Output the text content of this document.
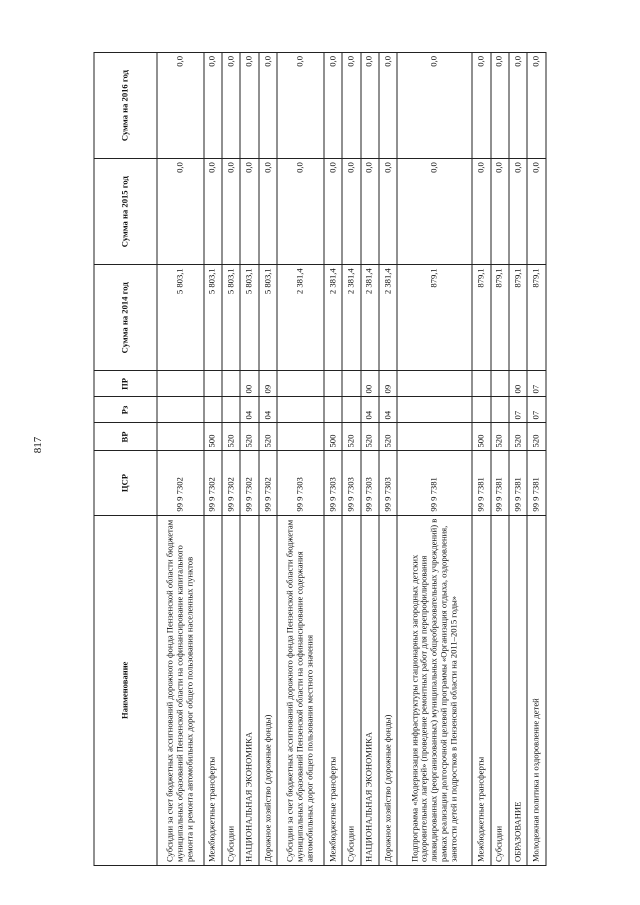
817
Наименование	ЦСР	ВР	Рз	ПР	Сумма на 2014 год	Сумма на 2015 год	Сумма на 2016 год
Субсидии за счет бюджетных ассигнований дорожного фонда Пензенской области бюджетам муниципальных образований Пензенской области на софинансирование капитального ремонта и ремонта автомобильных дорог общего пользования населенных пунктов	99 9 7302				5 803,1	0,0	0,0
Межбюджетные трансферты	99 9 7302	500			5 803,1	0,0	0,0
Субсидии	99 9 7302	520			5 803,1	0,0	0,0
НАЦИОНАЛЬНАЯ ЭКОНОМИКА	99 9 7302	520	04	00	5 803,1	0,0	0,0
Дорожное хозяйство (дорожные фонды)	99 9 7302	520	04	09	5 803,1	0,0	0,0
Субсидии за счет бюджетных ассигнований дорожного фонда Пензенской области бюджетам муниципальных образований Пензенской области на софинансирование содержания автомобильных дорог общего пользования местного значения	99 9 7303				2 381,4	0,0	0,0
Межбюджетные трансферты	99 9 7303	500			2 381,4	0,0	0,0
Субсидии	99 9 7303	520			2 381,4	0,0	0,0
НАЦИОНАЛЬНАЯ ЭКОНОМИКА	99 9 7303	520	04	00	2 381,4	0,0	0,0
Дорожное хозяйство (дорожные фонды)	99 9 7303	520	04	09	2 381,4	0,0	0,0
Подпрограмма «Модернизация инфраструктуры стационарных загородных детских оздоровительных лагерей» (проведение ремонтных работ для перепрофилирования ликвидированных (реорганизованных) муниципальных общеобразовательных учреждений) в рамках реализации долгосрочной целевой программы «Организация отдыха, оздоровления, занятости детей и подростков в Пензенской области на 2011–2015 годы»	99 9 7381				879,1	0,0	0,0
Межбюджетные трансферты	99 9 7381	500			879,1	0,0	0,0
Субсидии	99 9 7381	520			879,1	0,0	0,0
ОБРАЗОВАНИЕ	99 9 7381	520	07	00	879,1	0,0	0,0
Молодежная политика и оздоровление детей	99 9 7381	520	07	07	879,1	0,0	0,0
